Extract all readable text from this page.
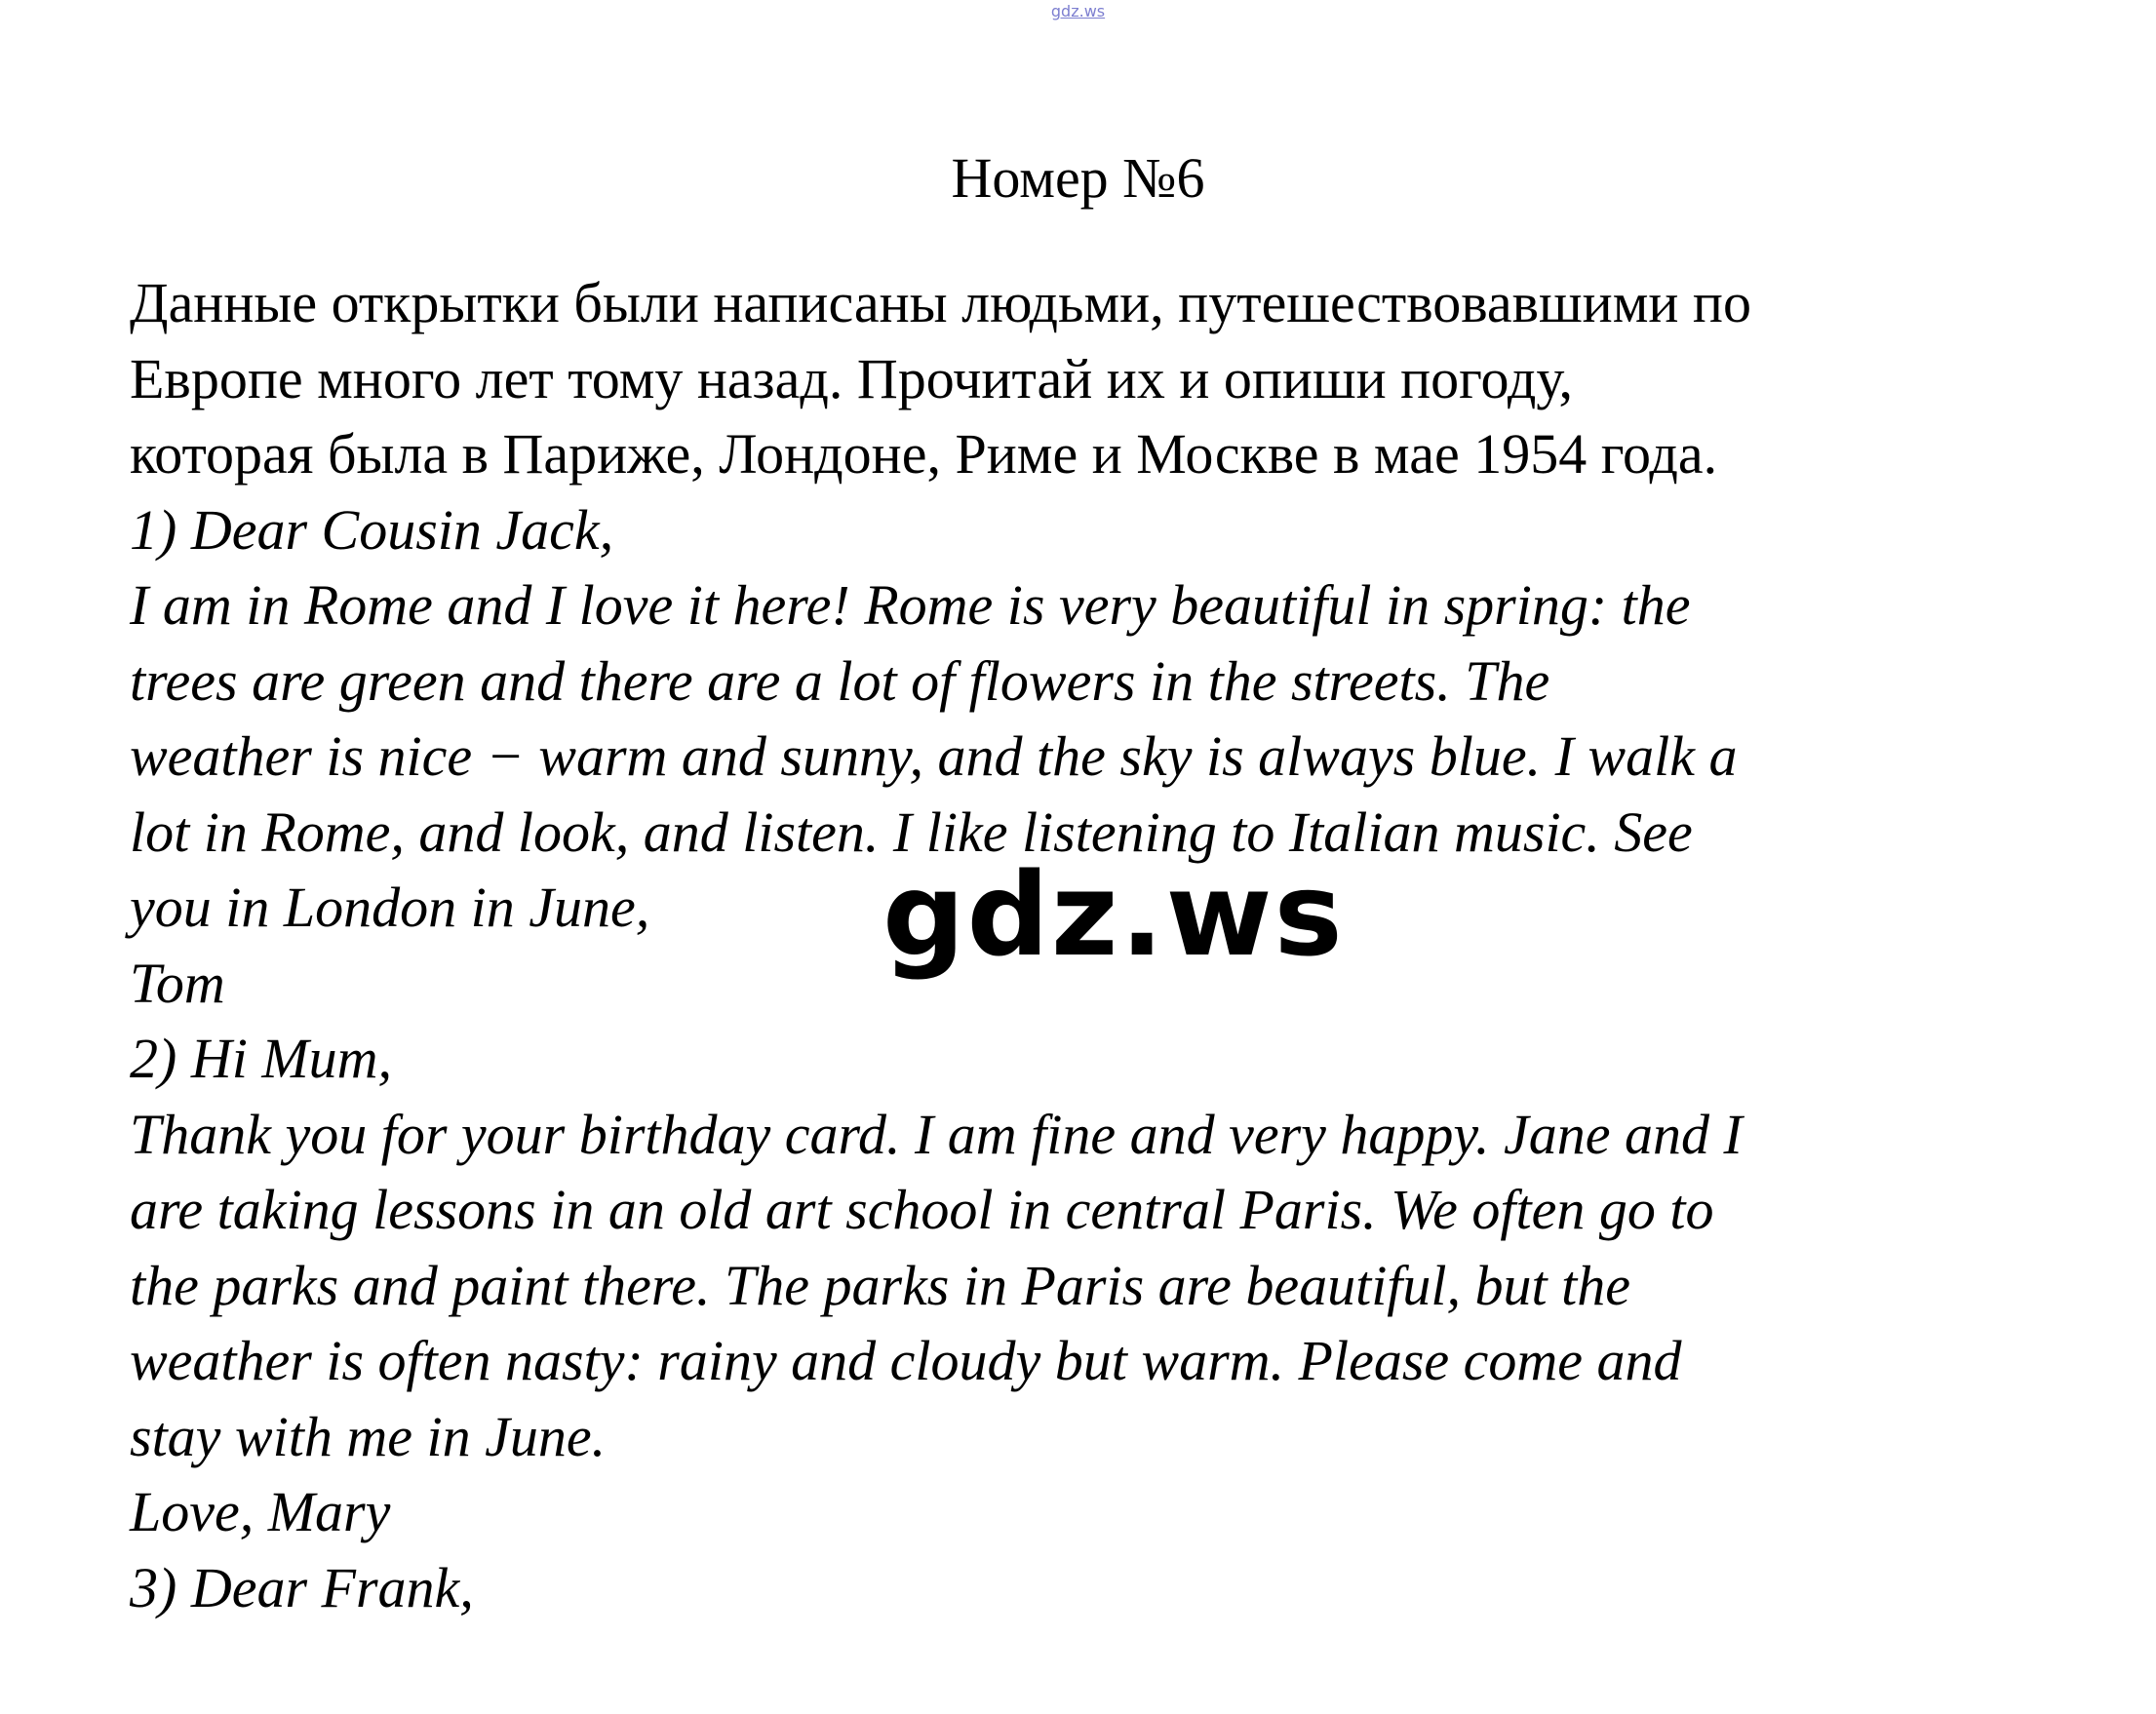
gdz.ws
Номер №6
Данные открытки были написаны людьми, путешествовавшими по
Европе много лет тому назад. Прочитай их и опиши погоду,
которая была в Париже, Лондоне, Риме и Москве в мае 1954 года.
1) Dear Cousin Jack,
I am in Rome and I love it here! Rome is very beautiful in spring: the
trees are green and there are a lot of flowers in the streets. The
weather is nice − warm and sunny, and the sky is always blue. I walk a
lot in Rome, and look, and listen. I like listening to Italian music. See
you in London in June,
Tom
2) Hi Mum,
Thank you for your birthday card. I am fine and very happy. Jane and I
are taking lessons in an old art school in central Paris. We often go to
the parks and paint there. The parks in Paris are beautiful, but the
weather is often nasty: rainy and cloudy but warm. Please come and
stay with me in June.
Love, Mary
3) Dear Frank,
gdz.ws
